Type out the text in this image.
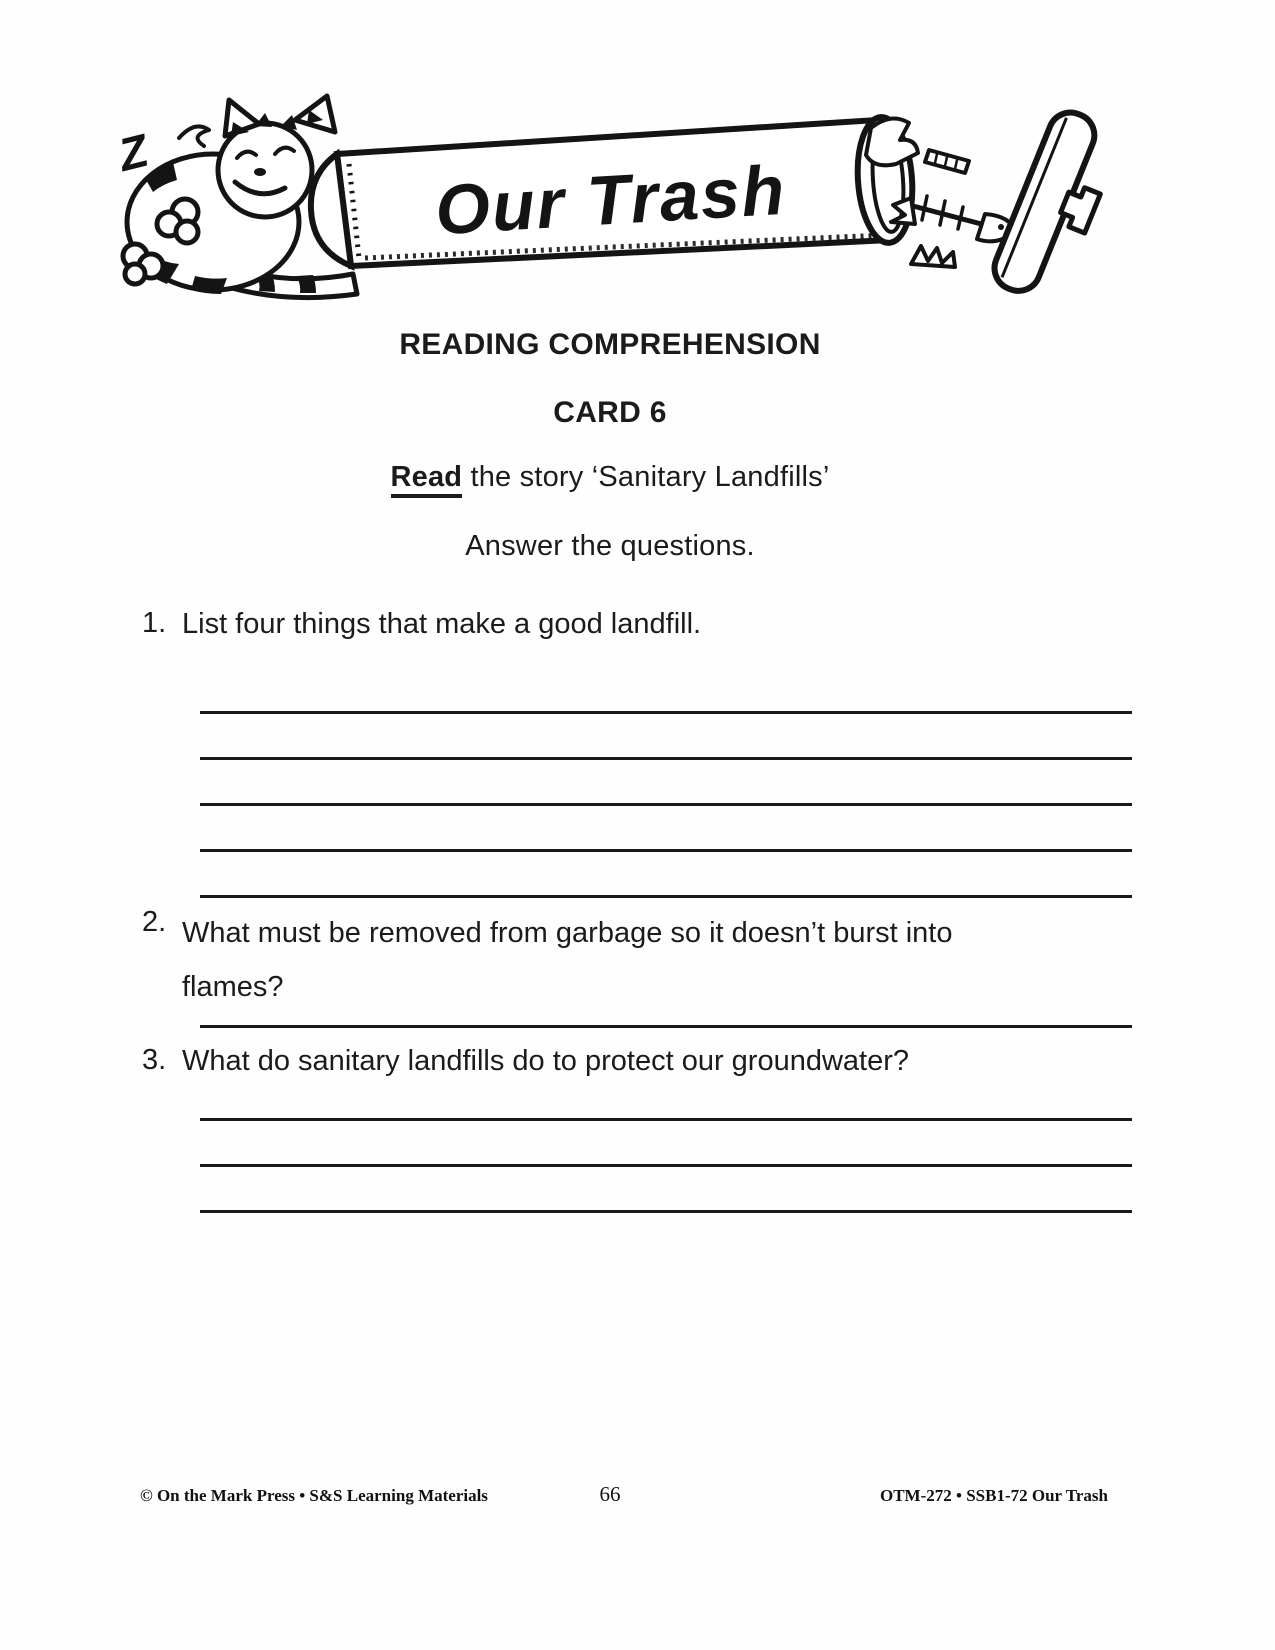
Z	Our Trash
READING COMPREHENSION
CARD 6
Read the story ‘Sanitary Landfills’
Answer the questions.
1. List four things that make a good landfill.
2. What must be removed from garbage so it doesn’t burst into flames?
3. What do sanitary landfills do to protect our groundwater?
© On the Mark Press • S&S Learning Materials	66	OTM-272 • SSB1-72 Our Trash
